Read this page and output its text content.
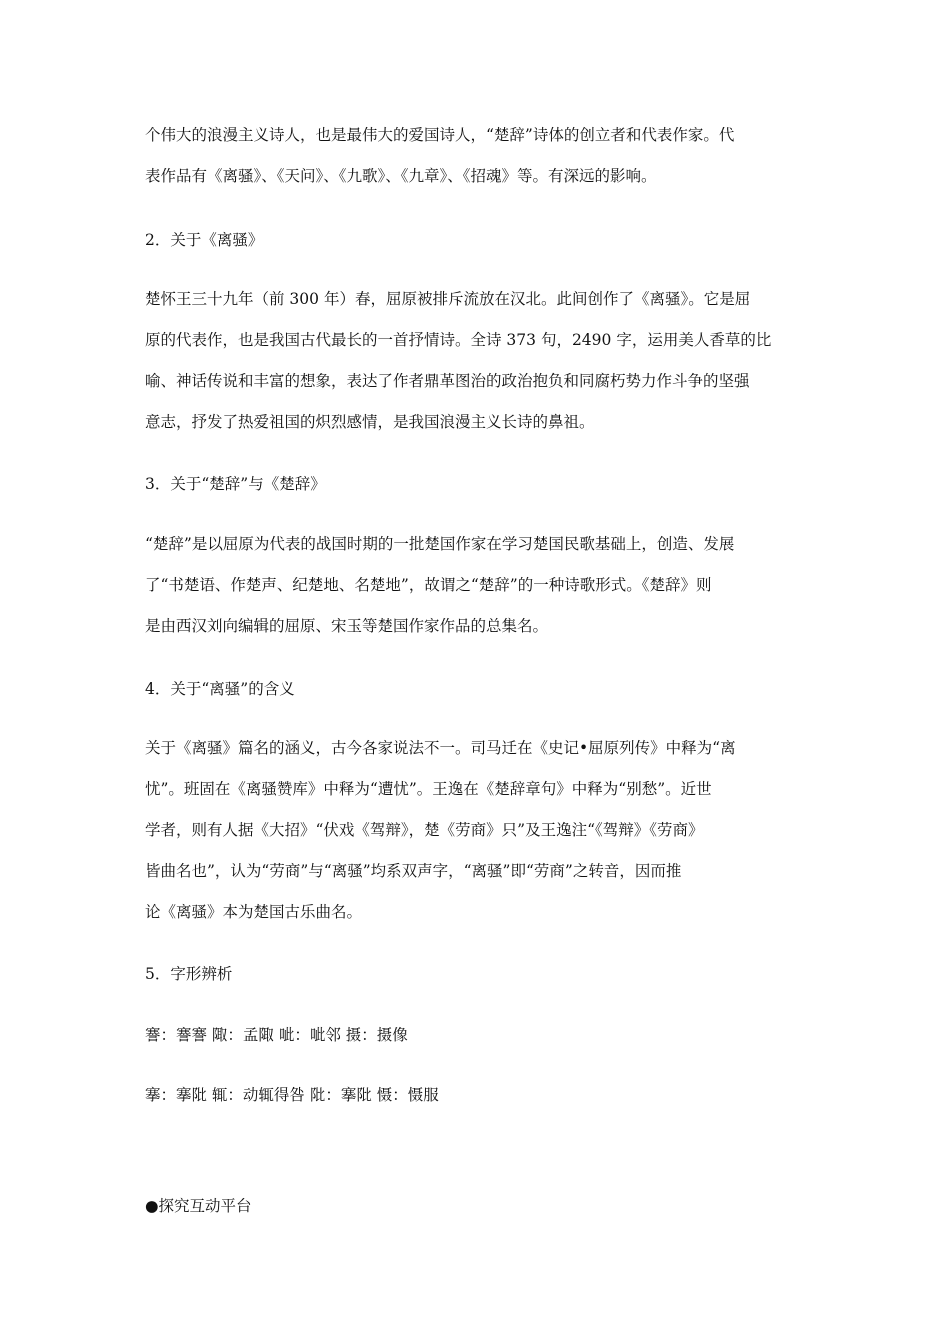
个伟大的浪漫主义诗人，也是最伟大的爱国诗人，“楚辞”诗体的创立者和代表作家。代
表作品有《离骚》、《天问》、《九歌》、《九章》、《招魂》等。有深远的影响。
2．关于《离骚》
楚怀王三十九年（前 300 年）春，屈原被排斥流放在汉北。此间创作了《离骚》。它是屈
原的代表作，也是我国古代最长的一首抒情诗。全诗 373 句，2490 字，运用美人香草的比
喻、神话传说和丰富的想象，表达了作者鼎革图治的政治抱负和同腐朽势力作斗争的坚强
意志，抒发了热爱祖国的炽烈感情，是我国浪漫主义长诗的鼻祖。
3．关于“楚辞”与《楚辞》
“楚辞”是以屈原为代表的战国时期的一批楚国作家在学习楚国民歌基础上，创造、发展
了“书楚语、作楚声、纪楚地、名楚地”，故谓之“楚辞”的一种诗歌形式。《楚辞》则
是由西汉刘向编辑的屈原、宋玉等楚国作家作品的总集名。
4．关于“离骚”的含义
关于《离骚》篇名的涵义，古今各家说法不一。司马迁在《史记•屈原列传》中释为“离
忧”。班固在《离骚赞库》中释为“遭忧”。王逸在《楚辞章句》中释为“别愁”。近世
学者，则有人据《大招》“伏戏《驾辩》，楚《劳商》只”及王逸注“《驾辩》《劳商》
皆曲名也”，认为“劳商”与“离骚”均系双声字，“离骚”即“劳商”之转音，因而推
论《离骚》本为楚国古乐曲名。
5．字形辨析
謇：謇謇 陬：孟陬 呲：呲邻 摄：摄像
搴：搴阰 辄：动辄得咎 阰：搴阰 慑：慑服
●探究互动平台
